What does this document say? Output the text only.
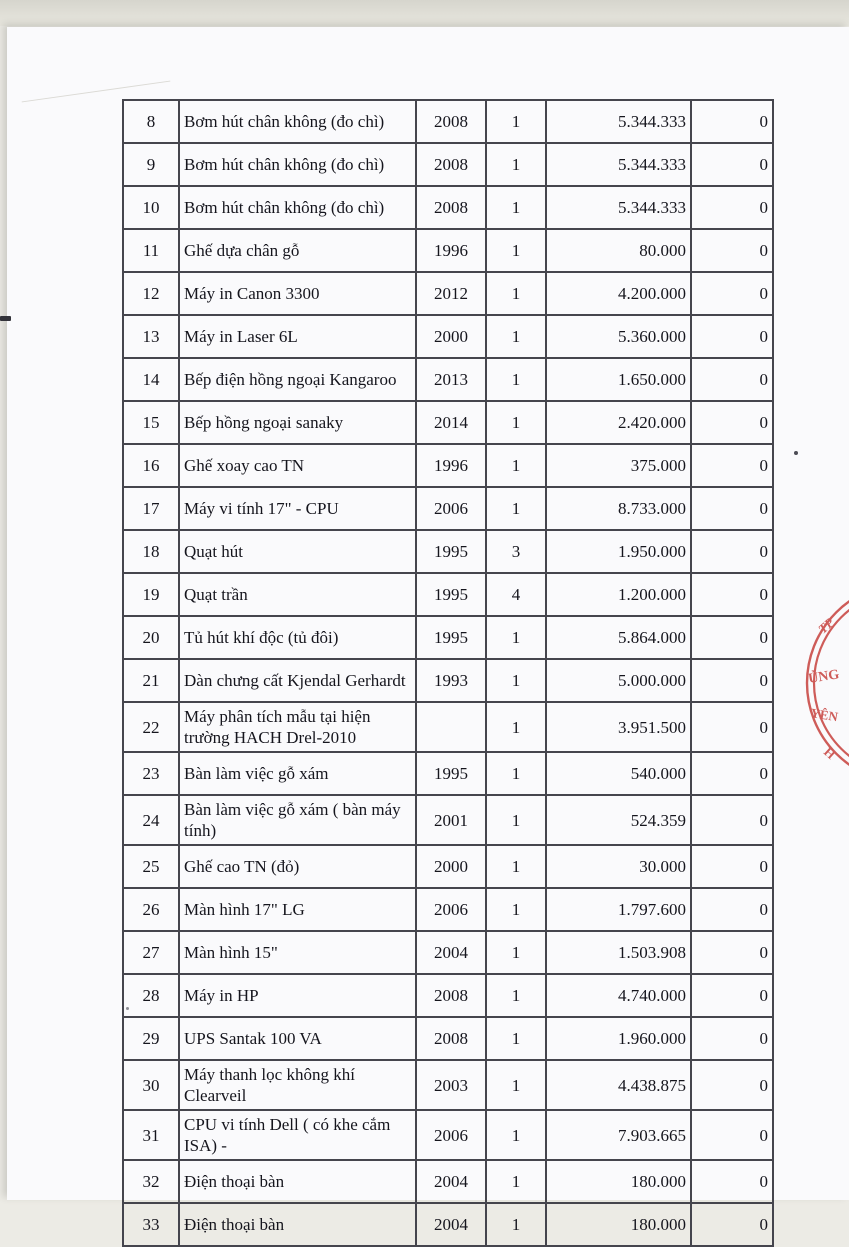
8	Bơm hút chân không (đo chì)	2008	1	5.344.333	0
9	Bơm hút chân không (đo chì)	2008	1	5.344.333	0
10	Bơm hút chân không (đo chì)	2008	1	5.344.333	0
11	Ghế dựa chân gỗ	1996	1	80.000	0
12	Máy in Canon 3300	2012	1	4.200.000	0
13	Máy in Laser 6L	2000	1	5.360.000	0
14	Bếp điện hồng ngoại Kangaroo	2013	1	1.650.000	0
15	Bếp hồng ngoại sanaky	2014	1	2.420.000	0
16	Ghế xoay cao TN	1996	1	375.000	0
17	Máy vi tính 17" - CPU	2006	1	8.733.000	0
18	Quạt hút	1995	3	1.950.000	0
19	Quạt trần	1995	4	1.200.000	0
20	Tủ hút khí độc (tủ đôi)	1995	1	5.864.000	0
21	Dàn chưng cất Kjendal Gerhardt	1993	1	5.000.000	0
22	Máy phân tích mẫu tại hiện trường HACH Drel-2010		1	3.951.500	0
23	Bàn làm việc gỗ xám	1995	1	540.000	0
24	Bàn làm việc gỗ xám ( bàn máy tính)	2001	1	524.359	0
25	Ghế cao TN (đỏ)	2000	1	30.000	0
26	Màn hình 17" LG	2006	1	1.797.600	0
27	Màn hình 15"	2004	1	1.503.908	0
28	Máy in HP	2008	1	4.740.000	0
29	UPS Santak 100 VA	2008	1	1.960.000	0
30	Máy thanh lọc không khí Clearveil	2003	1	4.438.875	0
31	CPU vi tính Dell ( có khe cắm ISA) -	2006	1	7.903.665	0
32	Điện thoại bàn	2004	1	180.000	0
33	Điện thoại bàn	2004	1	180.000	0
TP
ỦNG
YÊN
H
